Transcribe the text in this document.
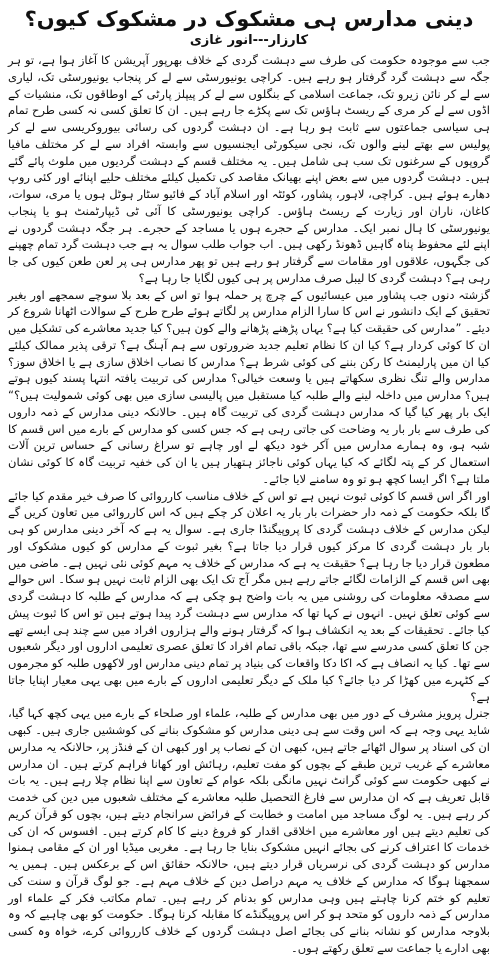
دینی مدارس ہی مشکوک در مشکوک کیوں؟
کارزار---انور غازی

جب سے موجودہ حکومت کی طرف سے دہشت گردی کے خلاف بھرپور آپریشن کا آغاز ہوا ہے، تو ہر جگہ سے دہشت گرد گرفتار ہو رہے ہیں۔ کراچی یونیورسٹی سے لے کر پنجاب یونیورسٹی تک، لیاری سے لے کر نائن زیرو تک، جماعت اسلامی کے بنگلوں سے لے کر پیپلز پارٹی کے اوطاقوں تک، منشیات کے اڈوں سے لے کر مری کے ریسٹ ہاؤس تک سے پکڑے جا رہے ہیں۔ ان کا تعلق کسی نہ کسی طرح تمام ہی سیاسی جماعتوں سے ثابت ہو رہا ہے۔ ان دہشت گردوں کی رسائی بیوروکریسی سے لے کر پولیس سے بھتے لینے والوں تک، نجی سیکورٹی ایجنسیوں سے وابستہ افراد سے لے کر مختلف مافیا گروپوں کے سرغنوں تک سب ہی شامل ہیں۔ یہ مختلف قسم کے دہشت گردیوں میں ملوث پائے گئے ہیں۔ دہشت گردوں میں سے بعض اپنے بھیانک مقاصد کی تکمیل کیلئے مختلف حلیے اپنائے اور کئی روپ دھارے ہوئے ہیں۔ کراچی، لاہور، پشاور، کوئٹہ اور اسلام آباد کے فائیو سٹار ہوٹل ہوں یا مری، سوات، کاغان، ناران اور زیارت کے ریسٹ ہاؤس۔ کراچی یونیورسٹی کا آئی ٹی ڈیپارٹمنٹ ہو یا پنجاب یونیورسٹی کا ہال نمبر ایک۔ مدارس کے حجرے ہوں یا مساجد کے حجرے۔ ہر جگہ دہشت گردوں نے اپنے لئے محفوظ پناہ گاہیں ڈھونڈ رکھی ہیں۔ اب جواب طلب سوال یہ ہے جب دہشت گرد تمام چھپنے کی جگہوں، علاقوں اور مقامات سے گرفتار ہو رہے ہیں تو پھر مدارس ہی پر لعن طعن کیوں کی جا رہی ہے؟ دہشت گردی کا لیبل صرف مدارس پر ہی کیوں لگایا جا رہا ہے؟

گزشتہ دنوں جب پشاور میں عیسائیوں کے چرچ پر حملہ ہوا تو اس کے بعد بلا سوچے سمجھے اور بغیر تحقیق کے ایک دانشور نے اس کا سارا الزام مدارس پر لگاتے ہوئے طرح طرح کے سوالات اٹھانا شروع کر دیئے۔ ”مدارس کی حقیقت کیا ہے؟ یہاں پڑھنے پڑھانے والے کون ہیں؟ کیا جدید معاشرے کی تشکیل میں ان کا کوئی کردار ہے؟ کیا ان کا نظام تعلیم جدید ضرورتوں سے ہم آہنگ ہے؟ ترقی پذیر ممالک کیلئے کیا ان میں پارلیمنٹ کا رکن بننے کی کوئی شرط ہے؟ مدارس کا نصاب اخلاق سازی ہے یا اخلاق سوز؟ مدارس والے تنگ نظری سکھاتے ہیں یا وسعت خیالی؟ مدارس کی تربیت یافتہ انتہا پسند کیوں ہوتے ہیں؟ مدارس میں داخلہ لینے والے طلبہ کیا مستقبل میں پالیسی سازی میں بھی کوئی شمولیت ہیں؟“ ایک بار پھر کیا گیا کہ مدارس دہشت گردی کی تربیت گاہ ہیں۔ حالانکہ دینی مدارس کے ذمہ داروں کی طرف سے بار بار یہ وضاحت کی جاتی رہی ہے کہ جس کسی کو مدارس کے بارے میں اس قسم کا شبہ ہو، وہ ہمارے مدارس میں آکر خود دیکھ لے اور چاہے تو سراغ رسانی کے حساس ترین آلات استعمال کر کے پتہ لگائے کہ کیا یہاں کوئی ناجائز ہتھیار ہیں یا ان کی خفیہ تربیت گاہ کا کوئی نشان ملتا ہے؟ اگر ایسا کچھ ہو تو وہ سامنے لایا جائے۔

اور اگر اس قسم کا کوئی ثبوت نہیں ہے تو اس کے خلاف مناسب کارروائی کا صرف خیر مقدم کیا جائے گا بلکہ حکومت کے ذمہ دار حضرات بار بار یہ اعلان کر چکے ہیں کہ اس کارروائی میں تعاون کریں گے لیکن مدارس کے خلاف دہشت گردی کا پروپیگنڈا جاری ہے۔ سوال یہ ہے کہ آخر دینی مدارس کو ہی بار بار دہشت گردی کا مرکز کیوں قرار دیا جاتا ہے؟ بغیر ثبوت کے مدارس کو کیوں مشکوک اور مطعون قرار دیا جا رہا ہے؟ حقیقت یہ ہے کہ مدارس کے خلاف یہ مہم کوئی نئی نہیں ہے۔ ماضی میں بھی اس قسم کے الزامات لگائے جاتے رہے ہیں مگر آج تک ایک بھی الزام ثابت نہیں ہو سکا۔ اس حوالے سے مصدقہ معلومات کی روشنی میں یہ بات واضح ہو چکی ہے کہ مدارس کے طلبہ کا دہشت گردی سے کوئی تعلق نہیں۔ انہوں نے کہا تھا کہ مدارس سے دہشت گرد پیدا ہوتے ہیں تو اس کا ثبوت پیش کیا جائے۔ تحقیقات کے بعد یہ انکشاف ہوا کہ گرفتار ہونے والے ہزاروں افراد میں سے چند ہی ایسے تھے جن کا تعلق کسی مدرسے سے تھا، جبکہ باقی تمام افراد کا تعلق عصری تعلیمی اداروں اور دیگر شعبوں سے تھا۔ کیا یہ انصاف ہے کہ اکا دکا واقعات کی بنیاد پر تمام دینی مدارس اور لاکھوں طلبہ کو مجرموں کے کٹہرے میں کھڑا کر دیا جائے؟ کیا ملک کے دیگر تعلیمی اداروں کے بارے میں بھی یہی معیار اپنایا جاتا ہے؟

جنرل پرویز مشرف کے دور میں بھی مدارس کے طلبہ، علماء اور صلحاء کے بارے میں یہی کچھ کہا گیا، شاید یہی وجہ ہے کہ اس وقت سے ہی دینی مدارس کو مشکوک بنانے کی کوششیں جاری ہیں۔ کبھی ان کی اسناد پر سوال اٹھائے جاتے ہیں، کبھی ان کے نصاب پر اور کبھی ان کے فنڈز پر، حالانکہ یہ مدارس معاشرے کے غریب ترین طبقے کے بچوں کو مفت تعلیم، رہائش اور کھانا فراہم کرتے ہیں۔ ان مدارس نے کبھی حکومت سے کوئی گرانٹ نہیں مانگی بلکہ عوام کے تعاون سے اپنا نظام چلا رہے ہیں۔ یہ بات قابل تعریف ہے کہ ان مدارس سے فارغ التحصیل طلبہ معاشرے کے مختلف شعبوں میں دین کی خدمت کر رہے ہیں۔ یہ لوگ مساجد میں امامت و خطابت کے فرائض سرانجام دیتے ہیں، بچوں کو قرآن کریم کی تعلیم دیتے ہیں اور معاشرے میں اخلاقی اقدار کو فروغ دینے کا کام کرتے ہیں۔ افسوس کہ ان کی خدمات کا اعتراف کرنے کی بجائے انہیں مشکوک بنایا جا رہا ہے۔ مغربی میڈیا اور ان کے مقامی ہمنوا مدارس کو دہشت گردی کی نرسریاں قرار دیتے ہیں، حالانکہ حقائق اس کے برعکس ہیں۔ ہمیں یہ سمجھنا ہوگا کہ مدارس کے خلاف یہ مہم دراصل دین کے خلاف مہم ہے۔ جو لوگ قرآن و سنت کی تعلیم کو ختم کرنا چاہتے ہیں وہی مدارس کو بدنام کر رہے ہیں۔ تمام مکاتب فکر کے علماء اور مدارس کے ذمہ داروں کو متحد ہو کر اس پروپیگنڈے کا مقابلہ کرنا ہوگا۔ حکومت کو بھی چاہیے کہ وہ بلاوجہ مدارس کو نشانہ بنانے کی بجائے اصل دہشت گردوں کے خلاف کارروائی کرے، خواہ وہ کسی بھی ادارے یا جماعت سے تعلق رکھتے ہوں۔
